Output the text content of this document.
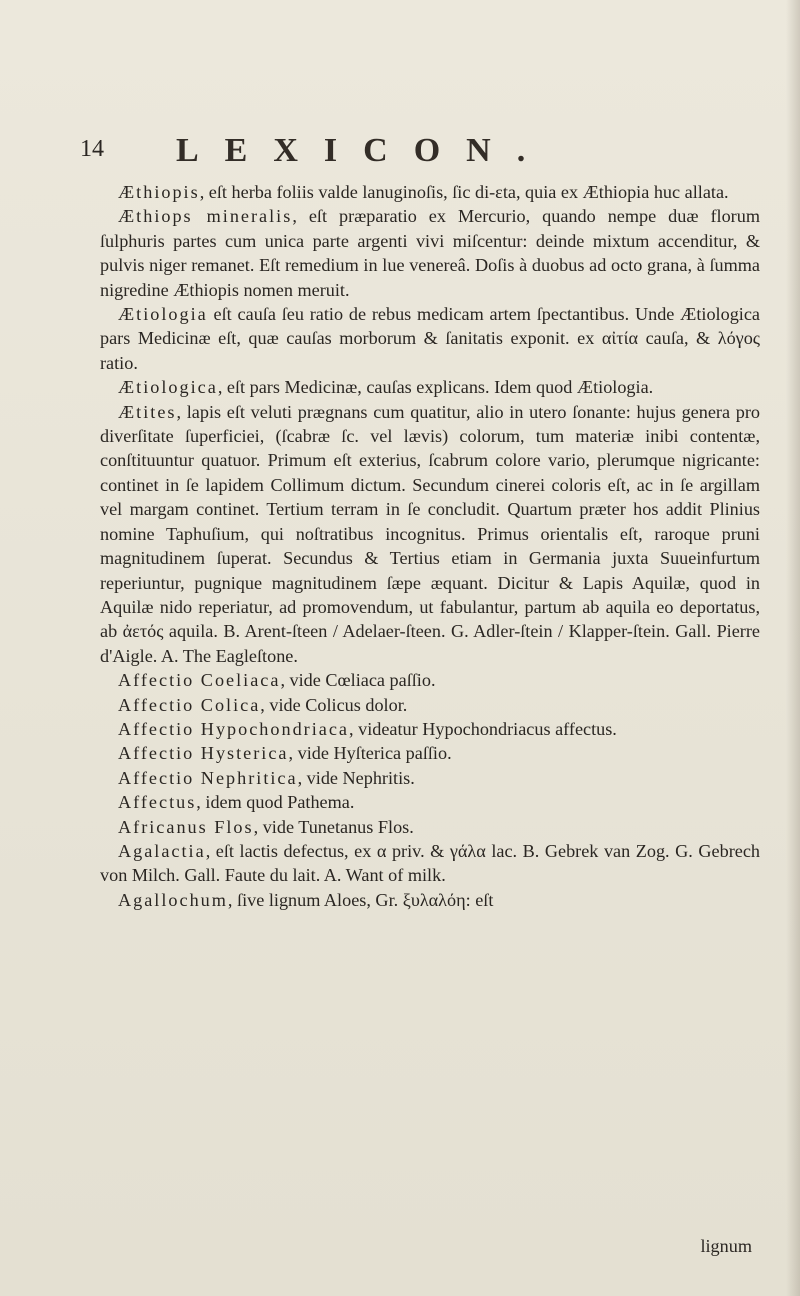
14 LEXICON.

Æthiopis, eſt herba foliis valde lanuginoſis, ſic di-ɛta, quia ex Æthiopia huc allata.

Æthiops mineralis, eſt præparatio ex Mercurio, quando nempe duæ florum ſulphuris partes cum unica parte argenti vivi miſcentur: deinde mixtum accenditur, & pulvis niger remanet. Eſt remedium in lue venereâ. Doſis à duobus ad octo grana, à ſumma nigredine Æthiopis nomen meruit.

Ætiologia eſt cauſa ſeu ratio de rebus medicam artem ſpectantibus. Unde Ætiologica pars Medicinæ eſt, quæ cauſas morborum & ſanitatis exponit. ex αἰτία cauſa, & λόγος ratio.

Ætiologica, eſt pars Medicinæ, cauſas explicans. Idem quod Ætiologia.

Ætites, lapis eſt veluti prægnans cum quatitur, alio in utero ſonante: hujus genera pro diverſitate ſuperficiei, (ſcabræ ſc. vel lævis) colorum, tum materiæ inibi contentæ, conſtituuntur quatuor. Primum eſt exterius, ſcabrum colore vario, plerumque nigricante: continet in ſe lapidem Collimum dictum. Secundum cinerei coloris eſt, ac in ſe argillam vel margam continet. Tertium terram in ſe concludit. Quartum præter hos addit Plinius nomine Taphuſium, qui noſtratibus incognitus. Primus orientalis eſt, raroque pruni magnitudinem ſuperat. Secundus & Tertius etiam in Germania juxta Suueinfurtum reperiuntur, pugnique magnitudinem ſæpe æquant. Dicitur & Lapis Aquilæ, quod in Aquilæ nido reperiatur, ad promovendum, ut fabulantur, partum ab aquila eo deportatus, ab ἀετός aquila. B. Arent-ſteen / Adelaer-ſteen. G. Adler-ſtein / Klapper-ſtein. Gall. Pierre d'Aigle. A. The Eagleſtone.

Affectio Coeliaca, vide Cœliaca paſſio.

Affectio Colica, vide Colicus dolor.

Affectio Hypochondriaca, videatur Hypochondriacus affectus.

Affectio Hysterica, vide Hyſterica paſſio.

Affectio Nephritica, vide Nephritis.

Affectus, idem quod Pathema.

Africanus Flos, vide Tunetanus Flos.

Agalactia, eſt lactis defectus, ex α priv. & γάλα lac. B. Gebrek van Zog. G. Gebrech von Milch. Gall. Faute du lait. A. Want of milk.

Agallochum, ſive lignum Aloes, Gr. ξυλαλόη: eſt

lignum
